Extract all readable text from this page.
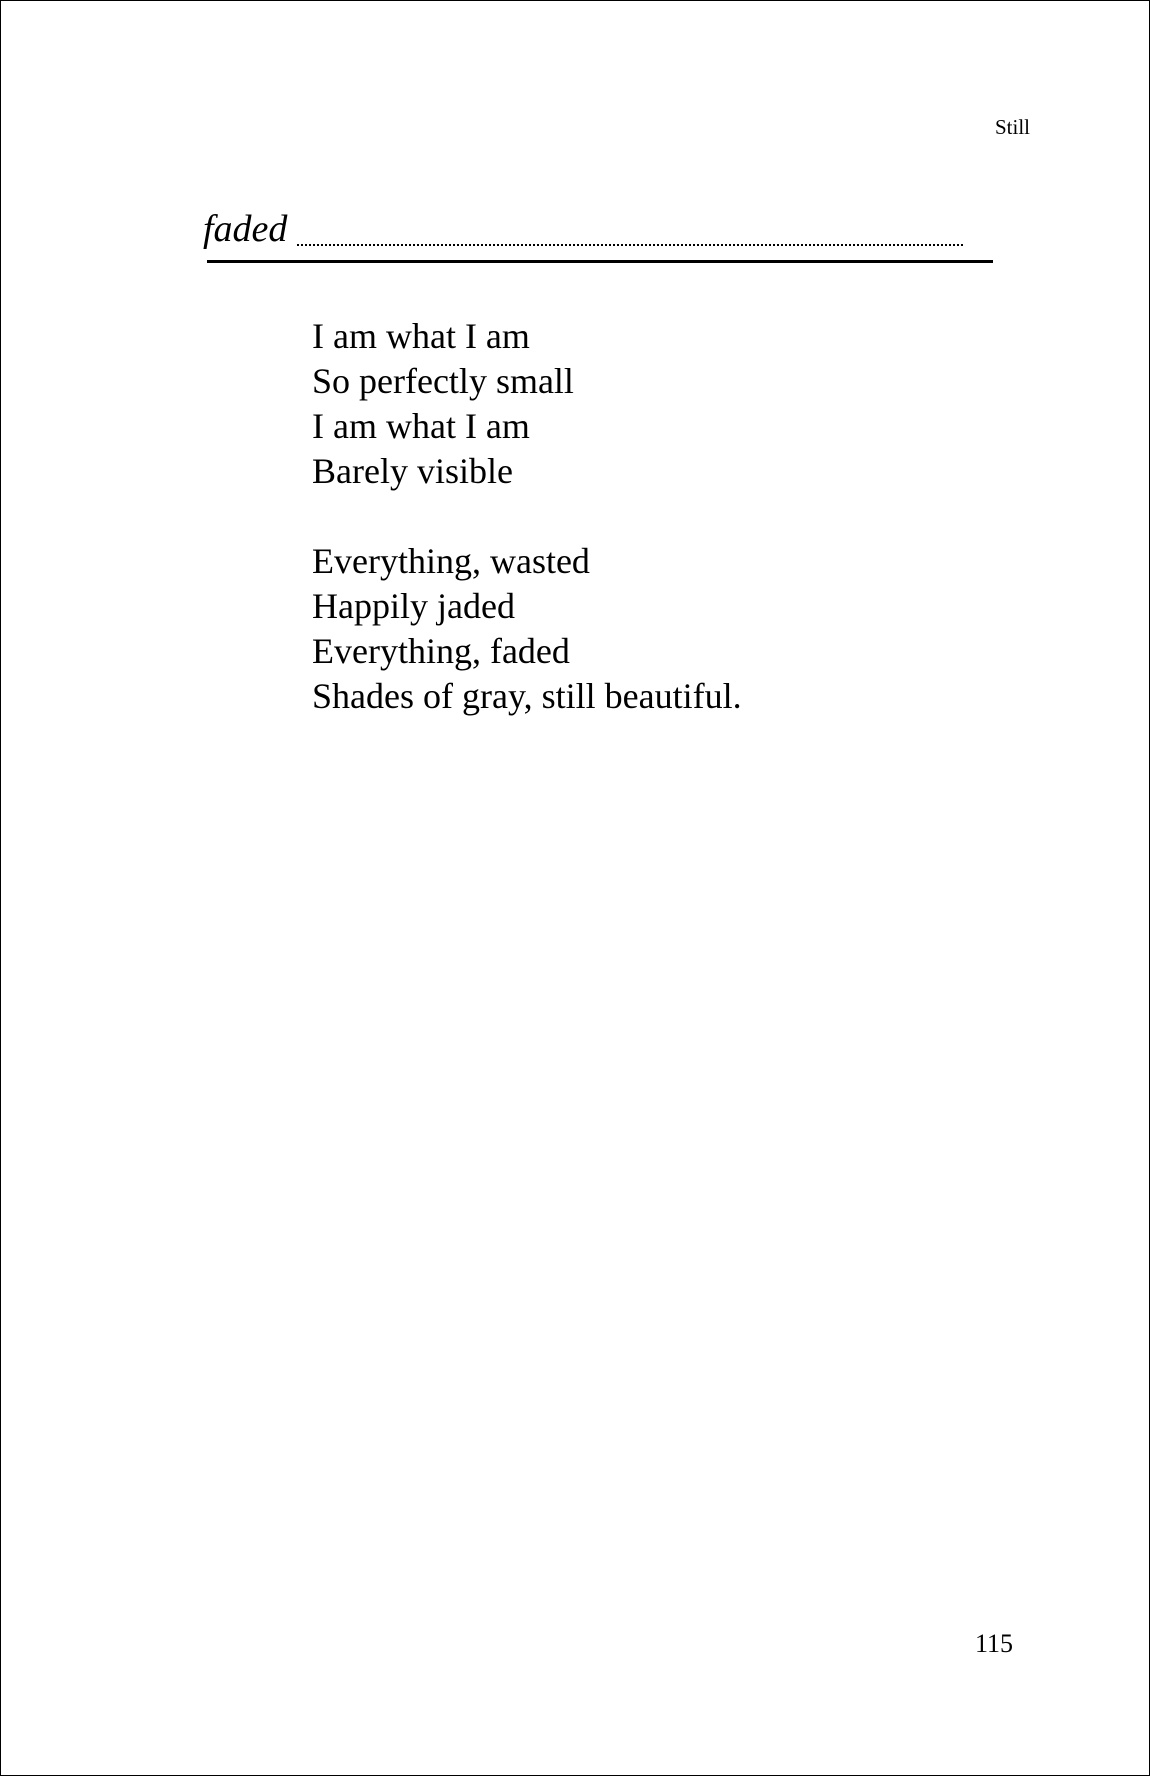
Still
faded
I am what I am
So perfectly small
I am what I am
Barely visible
Everything, wasted
Happily jaded
Everything, faded
Shades of gray, still beautiful.
115
